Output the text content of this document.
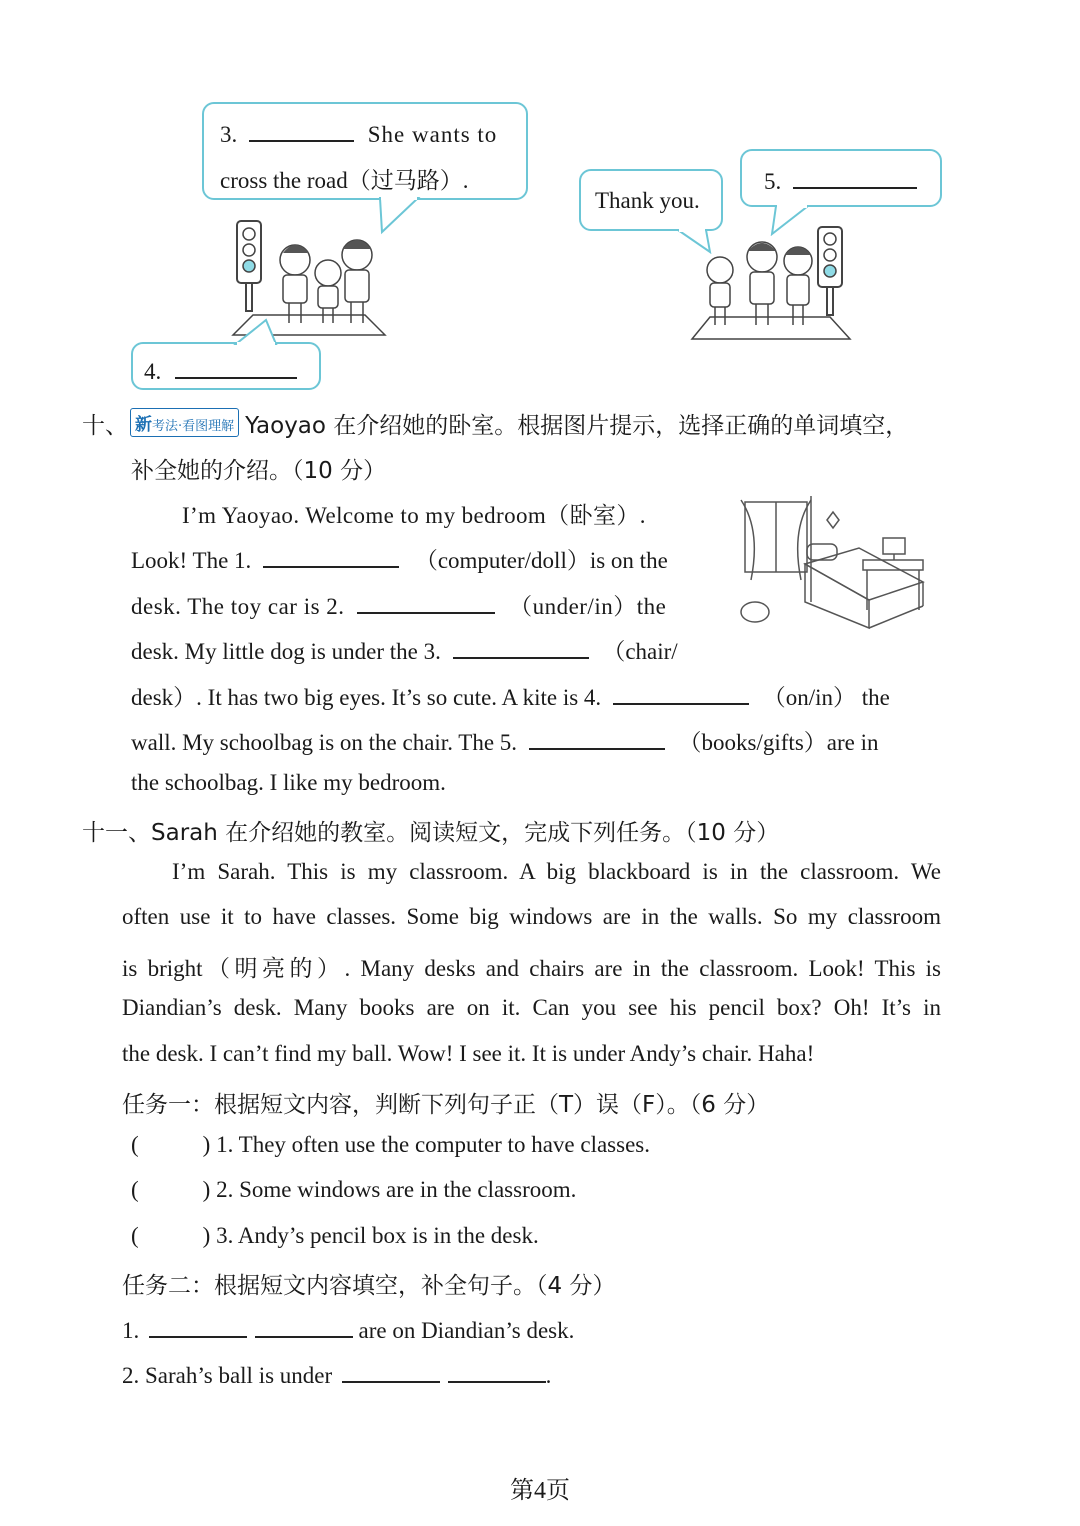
3.	She wants to
cross the road（过马路）.
4.
Thank you.
5.
十、 新考法·看图理解 Yaoyao 在介绍她的卧室。根据图片提示，选择正确的单词填空，
补全她的介绍。（10 分）
I’m Yaoyao. Welcome to my bedroom（卧室）.
Look! The 1.	（computer/doll）is on the
desk. The toy car is 2.	（under/in）the
desk. My little dog is under the 3.	（chair/
desk）. It has two big eyes. It’s so cute. A kite is 4.	（on/in） the
wall. My schoolbag is on the chair. The 5.	（books/gifts）are in
the schoolbag. I like my bedroom.
十一、Sarah 在介绍她的教室。阅读短文，完成下列任务。（10 分）
I’m Sarah. This is my classroom. A big blackboard is in the classroom. We
often use it to have classes. Some big windows are in the walls. So my classroom
is bright（明亮的）. Many desks and chairs are in the classroom. Look! This is
Diandian’s desk. Many books are on it. Can you see his pencil box? Oh! It’s in
the desk. I can’t find my ball. Wow! I see it. It is under Andy’s chair. Haha!
任务一：根据短文内容，判断下列句子正（T）误（F）。（6 分）
(	) 1. They often use the computer to have classes.
(	) 2. Some windows are in the classroom.
(	) 3. Andy’s pencil box is in the desk.
任务二：根据短文内容填空，补全句子。（4 分）
1.	are on Diandian’s desk.
2. Sarah’s ball is under	.
第4页
